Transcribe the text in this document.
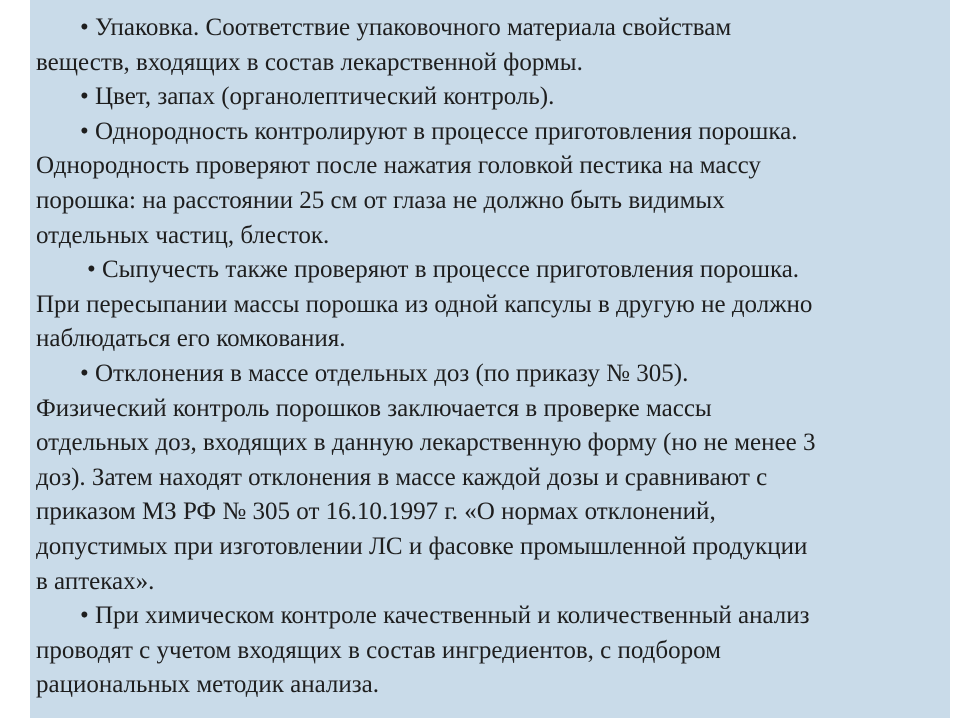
• Упаковка. Соответствие упаковочного материала свойствам
веществ, входящих в состав лекарственной формы.
• Цвет, запах (органолептический контроль).
• Однородность контролируют в процессе приготовления порошка.
Однородность проверяют после нажатия головкой пестика на массу
порошка: на расстоянии 25 см от глаза не должно быть видимых
отдельных частиц, блесток.
• Сыпучесть также проверяют в процессе приготовления порошка.
При пересыпании массы порошка из одной капсулы в другую не должно
наблюдаться его комкования.
• Отклонения в массе отдельных доз (по приказу № 305).
Физический контроль порошков заключается в проверке массы
отдельных доз, входящих в данную лекарственную форму (но не менее 3
доз). Затем находят отклонения в массе каждой дозы и сравнивают с
приказом МЗ РФ № 305 от 16.10.1997 г. «О нормах отклонений,
допустимых при изготовлении ЛС и фасовке промышленной продукции
в аптеках».
• При химическом контроле качественный и количественный анализ
проводят с учетом входящих в состав ингредиентов, с подбором
рациональных методик анализа.
